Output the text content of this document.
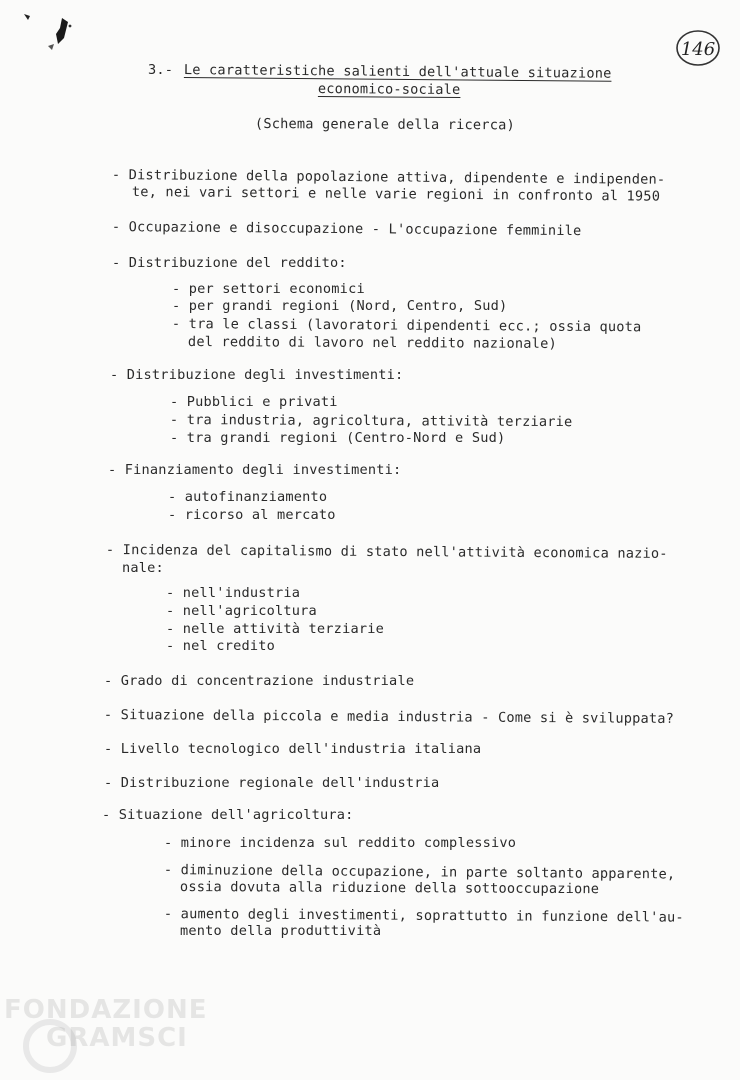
146

3.- Le caratteristiche salienti dell'attuale situazione

economico-sociale

(Schema generale della ricerca)

- Distribuzione della popolazione attiva, dipendente e indipenden-

te, nei vari settori e nelle varie regioni in confronto al 1950

- Occupazione e disoccupazione - L'occupazione femminile

- Distribuzione del reddito:

- per settori economici

- per grandi regioni (Nord, Centro, Sud)

- tra le classi (lavoratori dipendenti ecc.; ossia quota

del reddito di lavoro nel reddito nazionale)

- Distribuzione degli investimenti:

- Pubblici e privati

- tra industria, agricoltura, attività terziarie

- tra grandi regioni (Centro-Nord e Sud)

- Finanziamento degli investimenti:

- autofinanziamento

- ricorso al mercato

- Incidenza del capitalismo di stato nell'attività economica nazio-

nale:

- nell'industria

- nell'agricoltura

- nelle attività terziarie

- nel credito

- Grado di concentrazione industriale

- Situazione della piccola e media industria - Come si è sviluppata?

- Livello tecnologico dell'industria italiana

- Distribuzione regionale dell'industria

- Situazione dell'agricoltura:

- minore incidenza sul reddito complessivo

- diminuzione della occupazione, in parte soltanto apparente,

ossia dovuta alla riduzione della sottooccupazione

- aumento degli investimenti, soprattutto in funzione dell'au-

mento della produttività

FONDAZIONE

GRAMSCI
